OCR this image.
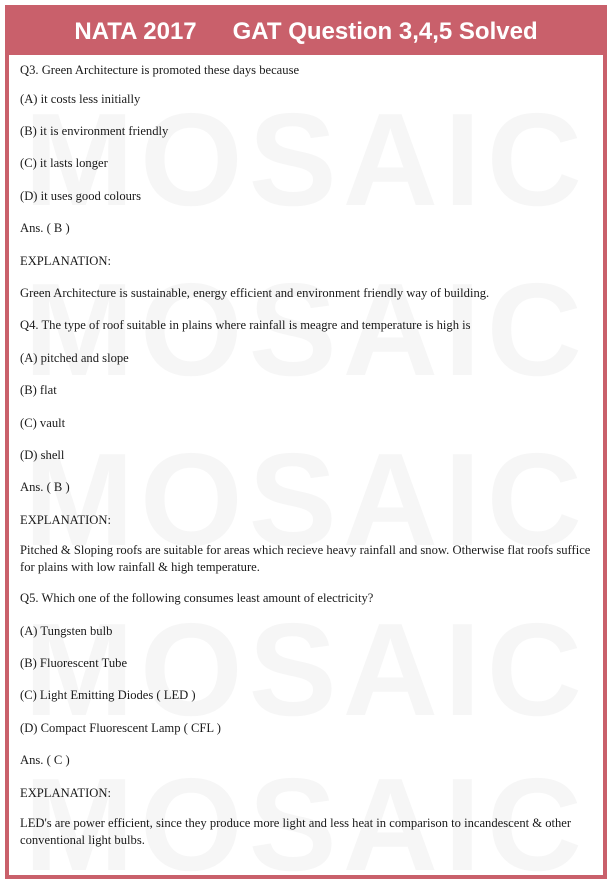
NATA 2017 GAT Question 3,4,5 Solved
Q3. Green Architecture is promoted these days because
(A) it costs less initially
(B) it is environment friendly
(C) it lasts longer
(D) it uses good colours
Ans. ( B )
EXPLANATION:
Green Architecture is sustainable, energy efficient and environment friendly way of building.
Q4. The type of roof suitable in plains where rainfall is meagre and temperature is high is
(A) pitched and slope
(B) flat
(C) vault
(D) shell
Ans. ( B )
EXPLANATION:
Pitched & Sloping roofs are suitable for areas which recieve heavy rainfall and snow. Otherwise flat roofs suffice for plains with low rainfall & high temperature.
Q5. Which one of the following consumes least amount of electricity?
(A) Tungsten bulb
(B) Fluorescent Tube
(C) Light Emitting Diodes ( LED )
(D) Compact Fluorescent Lamp ( CFL )
Ans. ( C )
EXPLANATION:
LED's are power efficient, since they produce more light and less heat in comparison to incandescent & other conventional light bulbs.
